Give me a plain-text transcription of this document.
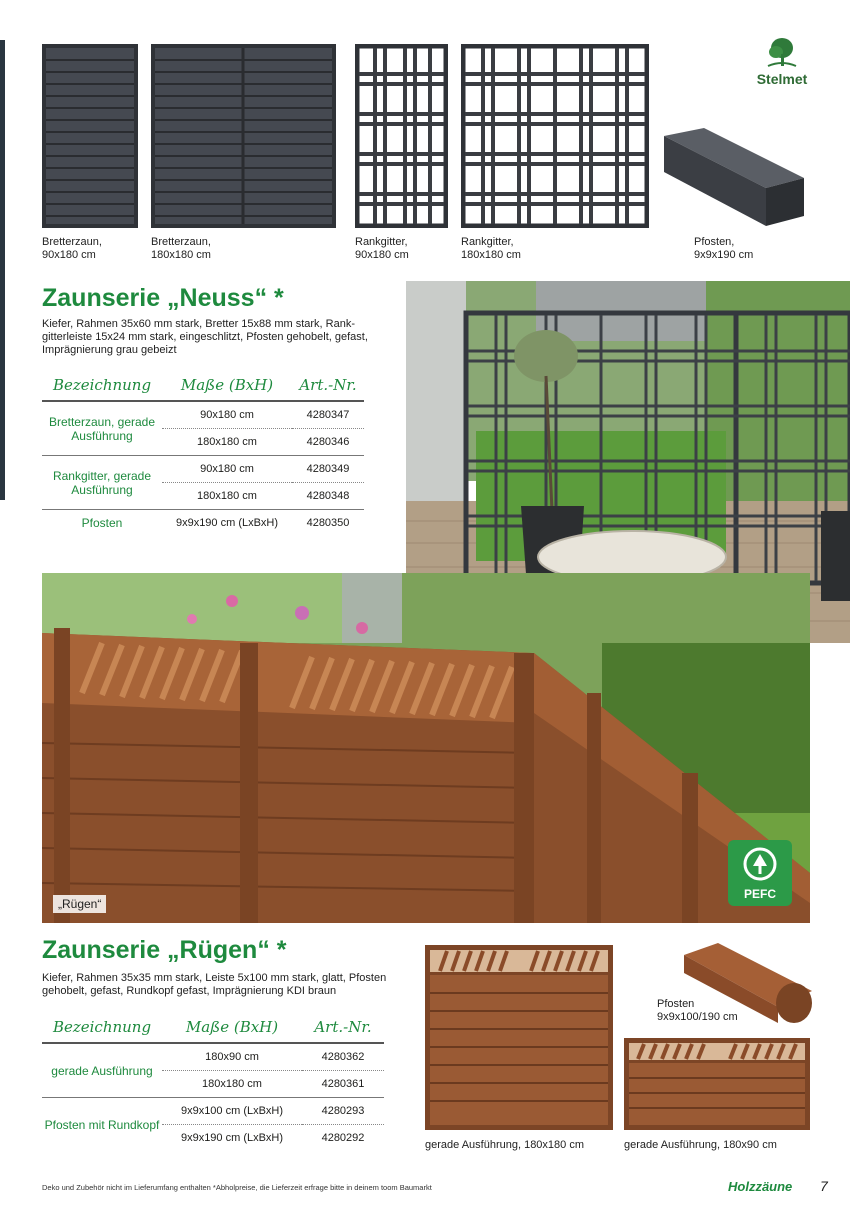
Stelmet
Bretterzaun,
90x180 cm
Bretterzaun,
180x180 cm
Rankgitter,
90x180 cm
Rankgitter,
180x180 cm
Pfosten,
9x9x190 cm
Zaunserie „Neuss“ *
Kiefer, Rahmen 35x60 mm stark, Bretter 15x88 mm stark, Rank-gitterleiste 15x24 mm stark, eingeschlitzt, Pfosten gehobelt, gefast, Imprägnierung grau gebeizt
Bezeichnung	Maße (BxH)	Art.-Nr.
Bretterzaun, gerade Ausführung	90x180 cm	4280347
	180x180 cm	4280346
Rankgitter, gerade Ausführung	90x180 cm	4280349
	180x180 cm	4280348
Pfosten	9x9x190 cm (LxBxH)	4280350
„Rügen“
PEFC
Zaunserie „Rügen“ *
Kiefer, Rahmen 35x35 mm stark, Leiste 5x100 mm stark, glatt, Pfosten gehobelt, gefast, Rundkopf gefast, Imprägnierung KDI braun
Bezeichnung	Maße (BxH)	Art.-Nr.
gerade Ausführung	180x90 cm	4280362
	180x180 cm	4280361
Pfosten mit Rundkopf	9x9x100 cm (LxBxH)	4280293
	9x9x190 cm (LxBxH)	4280292
Pfosten
9x9x100/190 cm
gerade Ausführung, 180x180 cm	gerade Ausführung, 180x90 cm
Deko und Zubehör nicht im Lieferumfang enthalten *Abholpreise, die Lieferzeit erfrage bitte in deinem toom Baumarkt	Holzzäune 7
